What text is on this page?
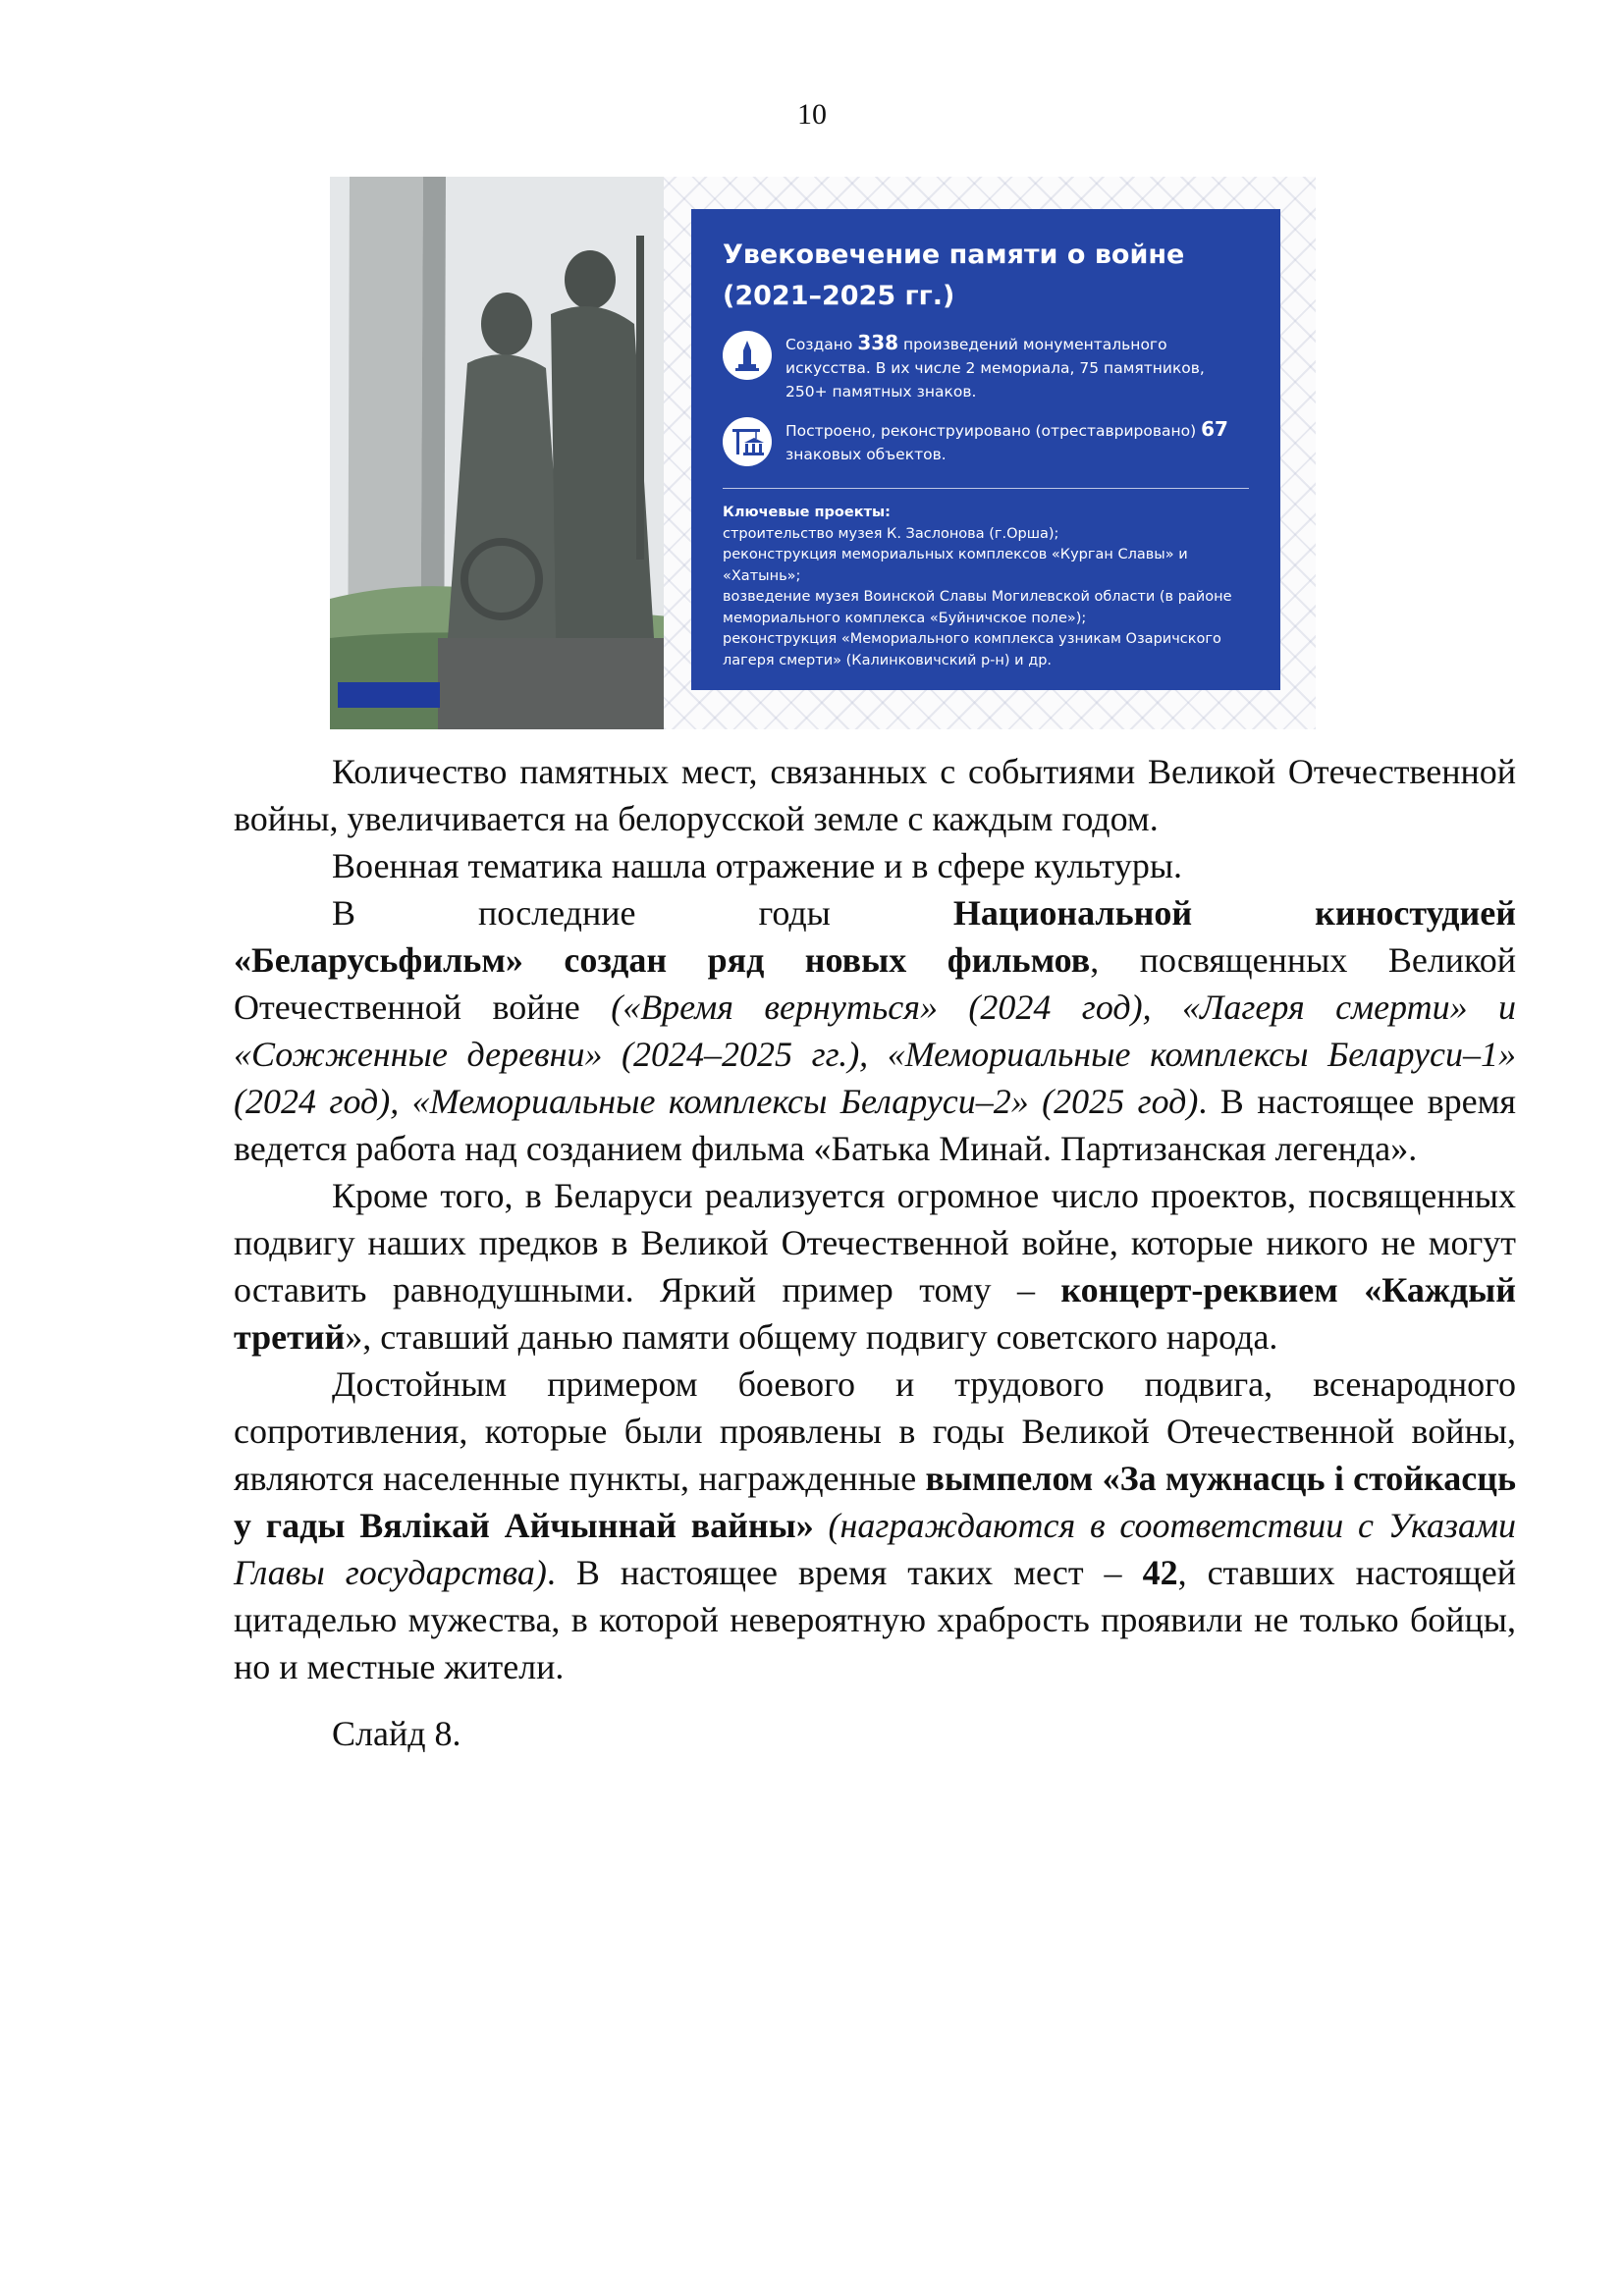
10
Увековечение памяти о войне
(2021–2025 гг.)
Создано 338 произведений монументального искусства. В их числе 2 мемориала, 75 памятников, 250+ памятных знаков.
Построено, реконструировано (отреставрировано) 67 знаковых объектов.
Ключевые проекты:
строительство музея К. Заслонова (г.Орша);
реконструкция мемориальных комплексов «Курган Славы» и «Хатынь»;
возведение музея Воинской Славы Могилевской области (в районе мемориального комплекса «Буйничское поле»);
реконструкция «Мемориального комплекса узникам Озаричского лагеря смерти» (Калинковичский р-н) и др.

Количество памятных мест, связанных с событиями Великой Отечественной войны, увеличивается на белорусской земле с каждым годом.

Военная тематика нашла отражение и в сфере культуры.

В	последние	годы	Национальной	киностудией

«Беларусьфильм» создан ряд новых фильмов, посвященных Великой Отечественной войне («Время вернуться» (2024 год), «Лагеря смерти» и «Сожженные деревни» (2024–2025 гг.), «Мемориальные комплексы Беларуси–1» (2024 год), «Мемориальные комплексы Беларуси–2» (2025 год). В настоящее время ведется работа над созданием фильма «Батька Минай. Партизанская легенда».

Кроме того, в Беларуси реализуется огромное число проектов, посвященных подвигу наших предков в Великой Отечественной войне, которые никого не могут оставить равнодушными. Яркий пример тому – концерт-реквием «Каждый третий», ставший данью памяти общему подвигу советского народа.

Достойным примером боевого и трудового подвига, всенародного сопротивления, которые были проявлены в годы Великой Отечественной войны, являются населенные пункты, награжденные вымпелом «За мужнасць і стойкасць у гады Вялікай Айчыннай вайны» (награждаются в соответствии с Указами Главы государства). В настоящее время таких мест – 42, ставших настоящей цитаделью мужества, в которой невероятную храбрость проявили не только бойцы, но и местные жители.

Слайд 8.
